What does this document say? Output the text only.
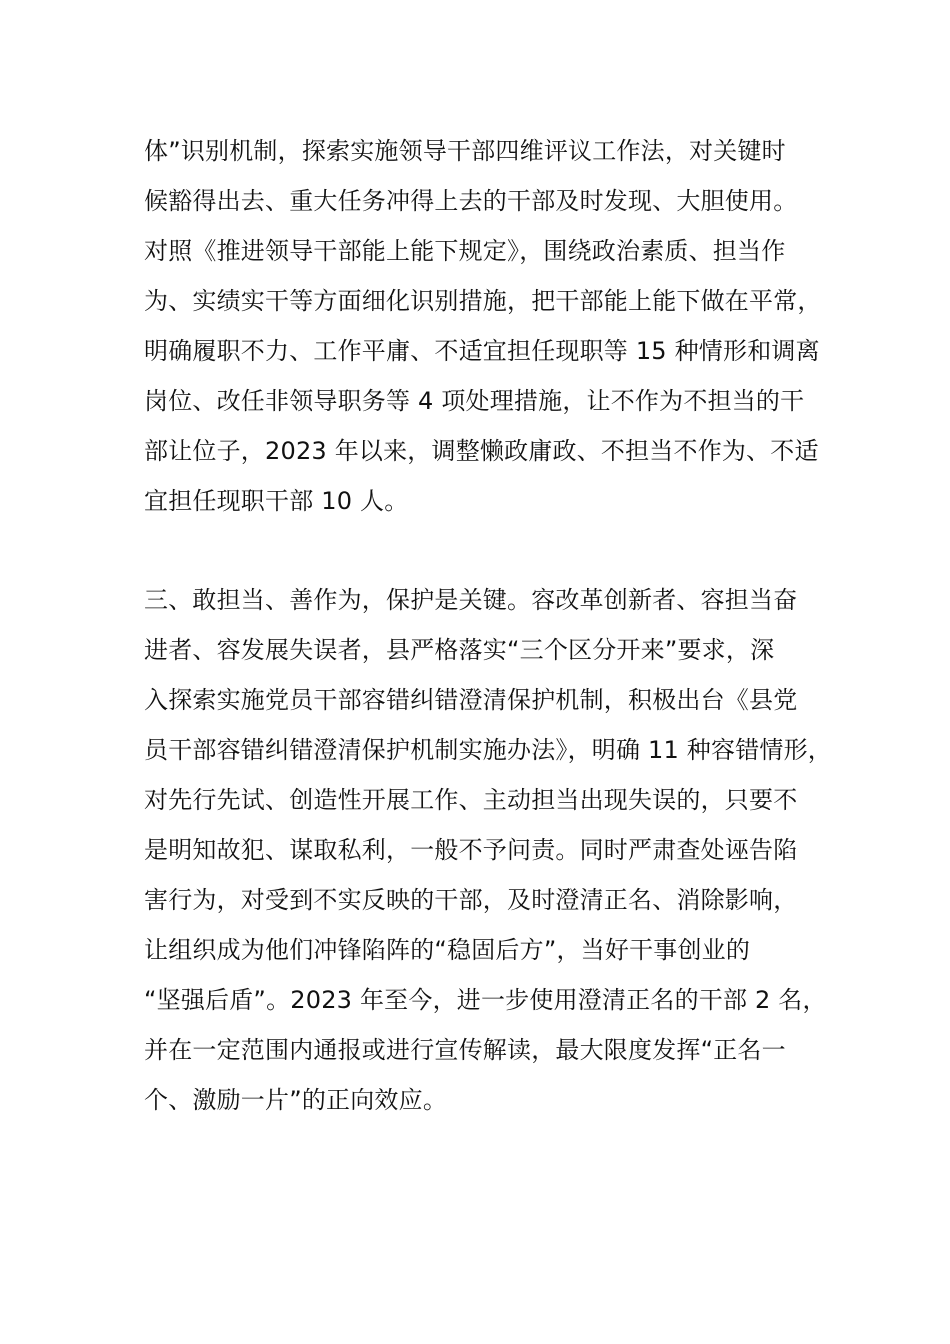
体”识别机制，探索实施领导干部四维评议工作法，对关键时
候豁得出去、重大任务冲得上去的干部及时发现、大胆使用。
对照《推进领导干部能上能下规定》，围绕政治素质、担当作
为、实绩实干等方面细化识别措施，把干部能上能下做在平常，
明确履职不力、工作平庸、不适宜担任现职等 15 种情形和调离
岗位、改任非领导职务等 4 项处理措施，让不作为不担当的干
部让位子，2023 年以来，调整懒政庸政、不担当不作为、不适
宜担任现职干部 10 人。
三、敢担当、善作为，保护是关键。容改革创新者、容担当奋
进者、容发展失误者，县严格落实“三个区分开来”要求，深
入探索实施党员干部容错纠错澄清保护机制，积极出台《县党
员干部容错纠错澄清保护机制实施办法》，明确 11 种容错情形，
对先行先试、创造性开展工作、主动担当出现失误的，只要不
是明知故犯、谋取私利，一般不予问责。同时严肃查处诬告陷
害行为，对受到不实反映的干部，及时澄清正名、消除影响，
让组织成为他们冲锋陷阵的“稳固后方”，当好干事创业的
“坚强后盾”。2023 年至今，进一步使用澄清正名的干部 2 名，
并在一定范围内通报或进行宣传解读，最大限度发挥“正名一
个、激励一片”的正向效应。
